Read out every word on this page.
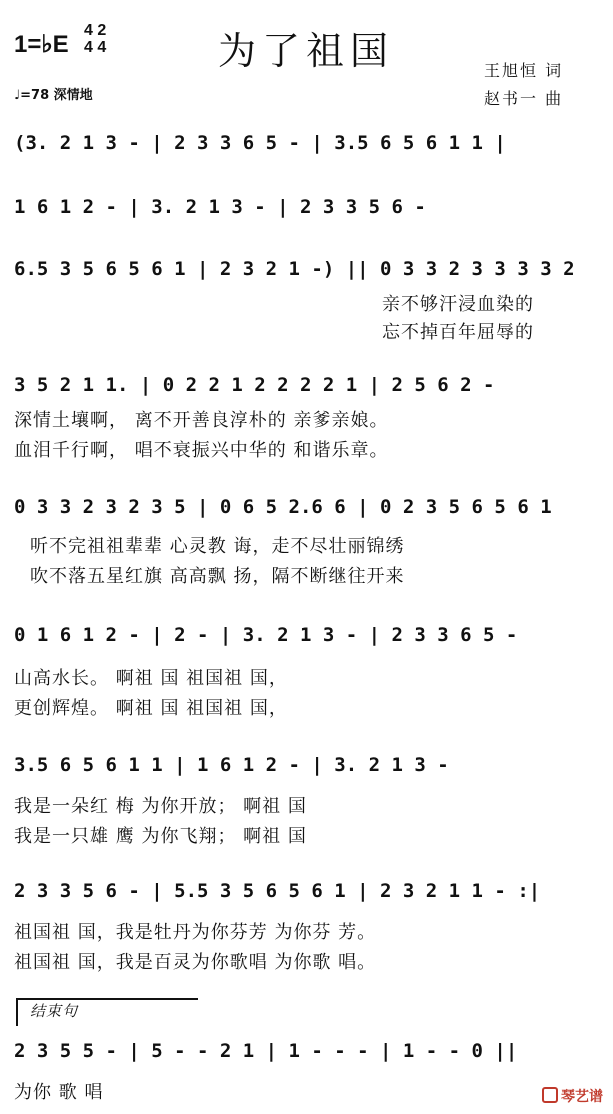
1=♭E
4 2
4 4
♩=78 深情地
为了祖国	王旭恒 词
赵书一 曲
(3. 2 1 3 - | 2 3 3 6 5 - | 3.5 6 5 6 1 1 |
1 6 1 2 - | 3. 2 1 3 - | 2 3 3 5 6 -
6.5 3 5 6 5 6 1 | 2 3 2 1 -) || 0 3 3 2 3 3 3 3 2
亲不够汗浸血染的
忘不掉百年屈辱的
3 5 2 1 1. | 0 2 2 1 2 2 2 2 1 | 2 5 6 2 -
深情土壤啊， 离不开善良淳朴的 亲爹亲娘。
血泪千行啊， 唱不衰振兴中华的 和谐乐章。
0 3 3 2 3 2 3 5 | 0 6 5 2.6 6 | 0 2 3 5 6 5 6 1
听不完祖祖辈辈 心灵教 诲，走不尽壮丽锦绣
吹不落五星红旗 高高飘 扬，隔不断继往开来
0 1 6 1 2 - | 2 - | 3. 2 1 3 - | 2 3 3 6 5 -
山高水长。 啊祖 国 祖国祖 国，
更创辉煌。 啊祖 国 祖国祖 国，
3.5 6 5 6 1 1 | 1 6 1 2 - | 3. 2 1 3 -
我是一朵红 梅 为你开放； 啊祖 国
我是一只雄 鹰 为你飞翔； 啊祖 国
2 3 3 5 6 - | 5.5 3 5 6 5 6 1 | 2 3 2 1 1 - :|
祖国祖 国，我是牡丹为你芬芳 为你芬 芳。
祖国祖 国，我是百灵为你歌唱 为你歌 唱。
结束句
2 3 5 5 - | 5 - - 2 1 | 1 - - - | 1 - - 0 ||
为你 歌 唱	琴艺谱
